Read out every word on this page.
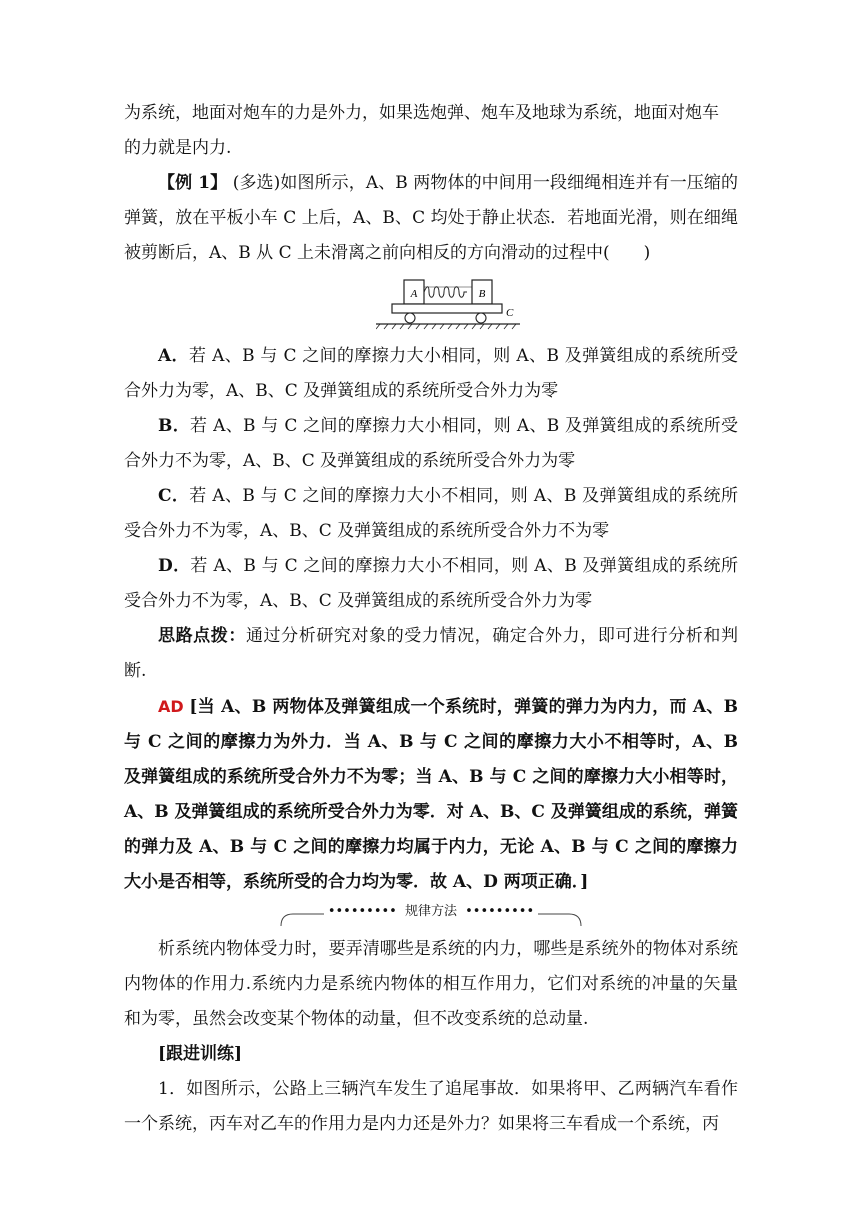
为系统，地面对炮车的力是外力，如果选炮弹、炮车及地球为系统，地面对炮车

的力就是内力.

【例 1】 (多选)如图所示，A、B 两物体的中间用一段细绳相连并有一压缩的弹簧，放在平板小车 C 上后，A、B、C 均处于静止状态．若地面光滑，则在细绳被剪断后，A、B 从 C 上未滑离之前向相反的方向滑动的过程中(　　)

A	B
C

A．若 A、B 与 C 之间的摩擦力大小相同，则 A、B 及弹簧组成的系统所受合外力为零，A、B、C 及弹簧组成的系统所受合外力为零

B．若 A、B 与 C 之间的摩擦力大小相同，则 A、B 及弹簧组成的系统所受合外力不为零，A、B、C 及弹簧组成的系统所受合外力为零

C．若 A、B 与 C 之间的摩擦力大小不相同，则 A、B 及弹簧组成的系统所受合外力不为零，A、B、C 及弹簧组成的系统所受合外力不为零

D．若 A、B 与 C 之间的摩擦力大小不相同，则 A、B 及弹簧组成的系统所受合外力不为零，A、B、C 及弹簧组成的系统所受合外力为零

思路点拨：通过分析研究对象的受力情况，确定合外力，即可进行分析和判断.

AD [当 A、B 两物体及弹簧组成一个系统时，弹簧的弹力为内力，而 A、B 与 C 之间的摩擦力为外力．当 A、B 与 C 之间的摩擦力大小不相等时，A、B 及弹簧组成的系统所受合外力不为零；当 A、B 与 C 之间的摩擦力大小相等时，A、B 及弹簧组成的系统所受合外力为零．对 A、B、C 及弹簧组成的系统，弹簧的弹力及 A、B 与 C 之间的摩擦力均属于内力，无论 A、B 与 C 之间的摩擦力大小是否相等，系统所受的合力均为零．故 A、D 两项正确．]

••••••••• 规律方法 •••••••••

析系统内物体受力时，要弄清哪些是系统的内力，哪些是系统外的物体对系统内物体的作用力.系统内力是系统内物体的相互作用力，它们对系统的冲量的矢量和为零，虽然会改变某个物体的动量，但不改变系统的总动量.

[跟进训练]

1．如图所示，公路上三辆汽车发生了追尾事故．如果将甲、乙两辆汽车看作一个系统，丙车对乙车的作用力是内力还是外力？如果将三车看成一个系统，丙
